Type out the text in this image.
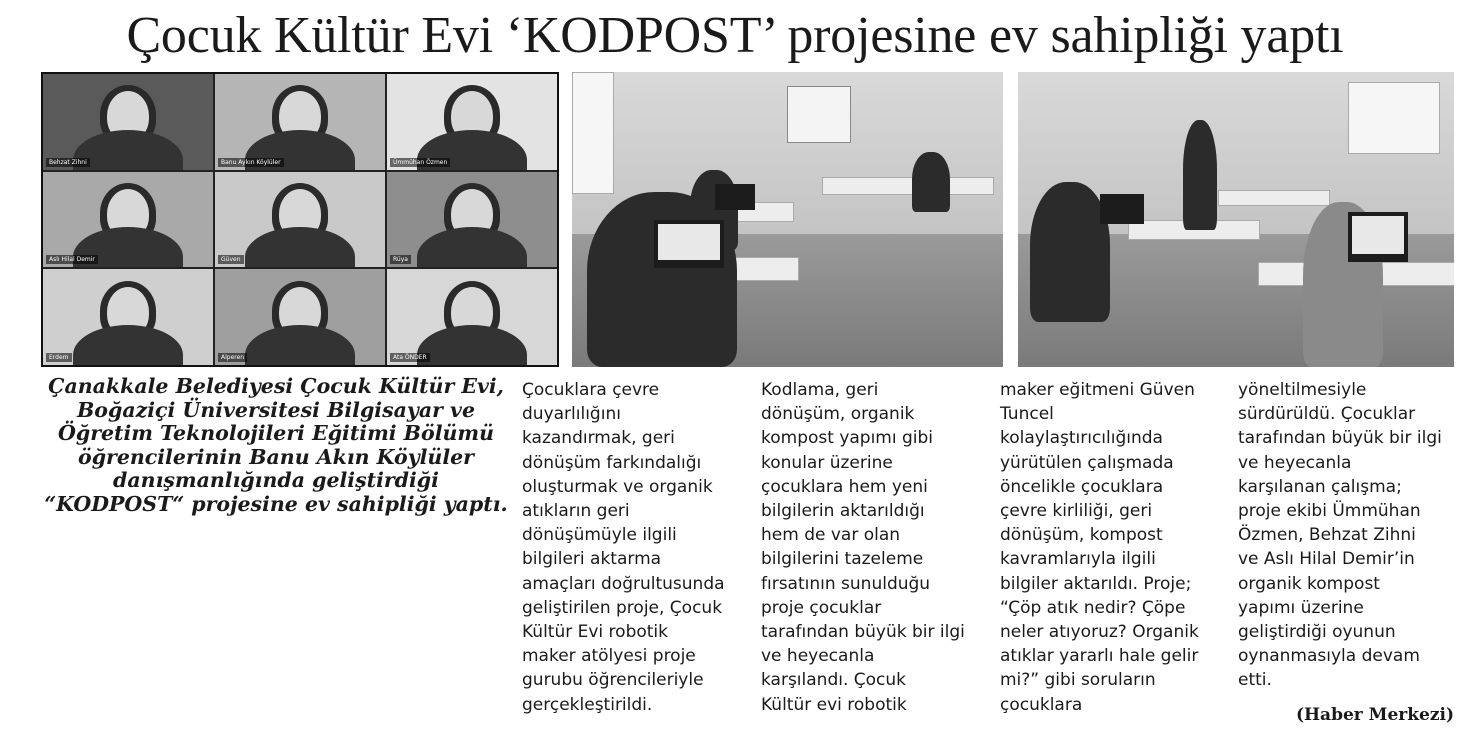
Çocuk Kültür Evi ‘KODPOST’ projesine ev sahipliği yaptı
Behzat Zihni	Banu Aykın Köylüler	Ümmühan Özmen
Aslı Hilal Demir	Güven	Rüya
Erdem	Alperen	Ata ÖNDER
Çanakkale Belediyesi Çocuk Kültür Evi, Boğaziçi Üniversitesi Bilgisayar ve Öğretim Teknolojileri Eğitimi Bölümü öğrencilerinin Banu Akın Köylüler danışmanlığında geliştirdiği “KODPOST“ projesine ev sahipliği yaptı.
Çocuklara çevre
duyarlılığını
kazandırmak, geri
dönüşüm farkındalığı
oluşturmak ve organik
atıkların geri
dönüşümüyle ilgili
bilgileri aktarma
amaçları doğrultusunda
geliştirilen proje, Çocuk
Kültür Evi robotik
maker atölyesi proje
gurubu öğrencileriyle
gerçekleştirildi.
Kodlama, geri
dönüşüm, organik
kompost yapımı gibi
konular üzerine
çocuklara hem yeni
bilgilerin aktarıldığı
hem de var olan
bilgilerini tazeleme
fırsatının sunulduğu
proje çocuklar
tarafından büyük bir ilgi
ve heyecanla
karşılandı. Çocuk
Kültür evi robotik
maker eğitmeni Güven
Tuncel
kolaylaştırıcılığında
yürütülen çalışmada
öncelikle çocuklara
çevre kirliliği, geri
dönüşüm, kompost
kavramlarıyla ilgili
bilgiler aktarıldı. Proje;
“Çöp atık nedir? Çöpe
neler atıyoruz? Organik
atıklar yararlı hale gelir
mi?” gibi soruların
çocuklara
yöneltilmesiyle
sürdürüldü. Çocuklar
tarafından büyük bir ilgi
ve heyecanla
karşılanan çalışma;
proje ekibi Ümmühan
Özmen, Behzat Zihni
ve Aslı Hilal Demir’in
organik kompost
yapımı üzerine
geliştirdiği oyunun
oynanmasıyla devam
etti.
(Haber Merkezi)
